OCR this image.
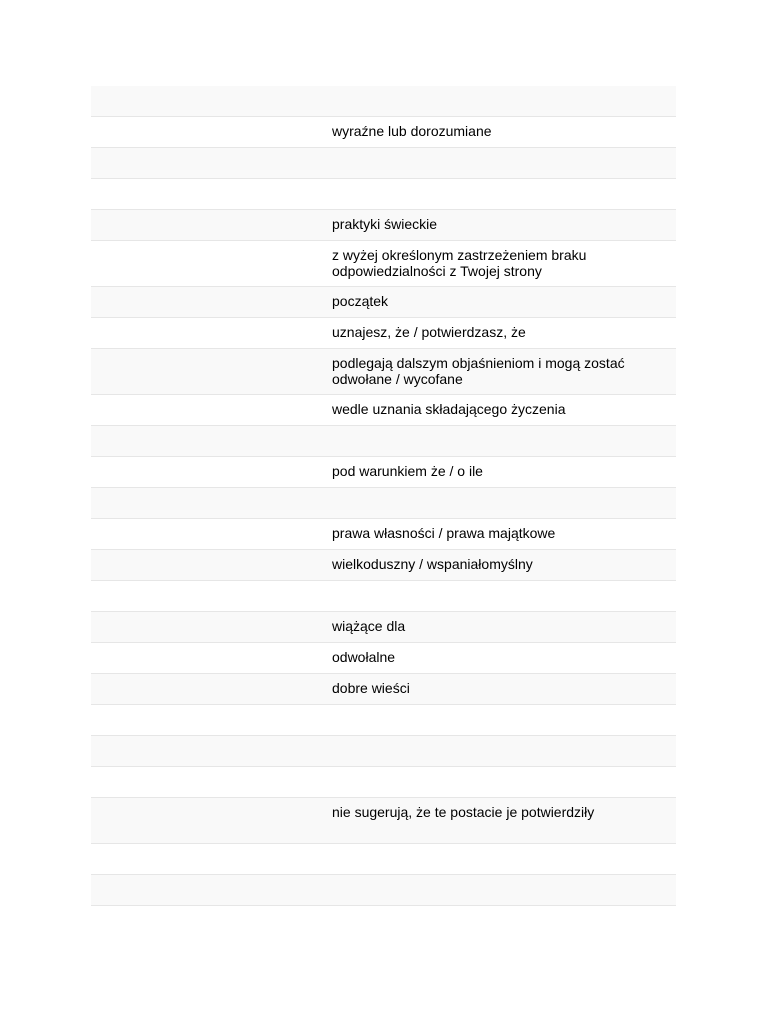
wyraźne lub dorozumiane
praktyki świeckie
z wyżej określonym zastrzeżeniem braku odpowiedzialności z Twojej strony
początek
uznajesz, że / potwierdzasz, że
podlegają dalszym objaśnieniom i mogą zostać odwołane / wycofane
wedle uznania składającego życzenia
pod warunkiem że / o ile
prawa własności / prawa majątkowe
wielkoduszny / wspaniałomyślny
wiążące dla
odwołalne
dobre wieści
nie sugerują, że te postacie je potwierdziły
